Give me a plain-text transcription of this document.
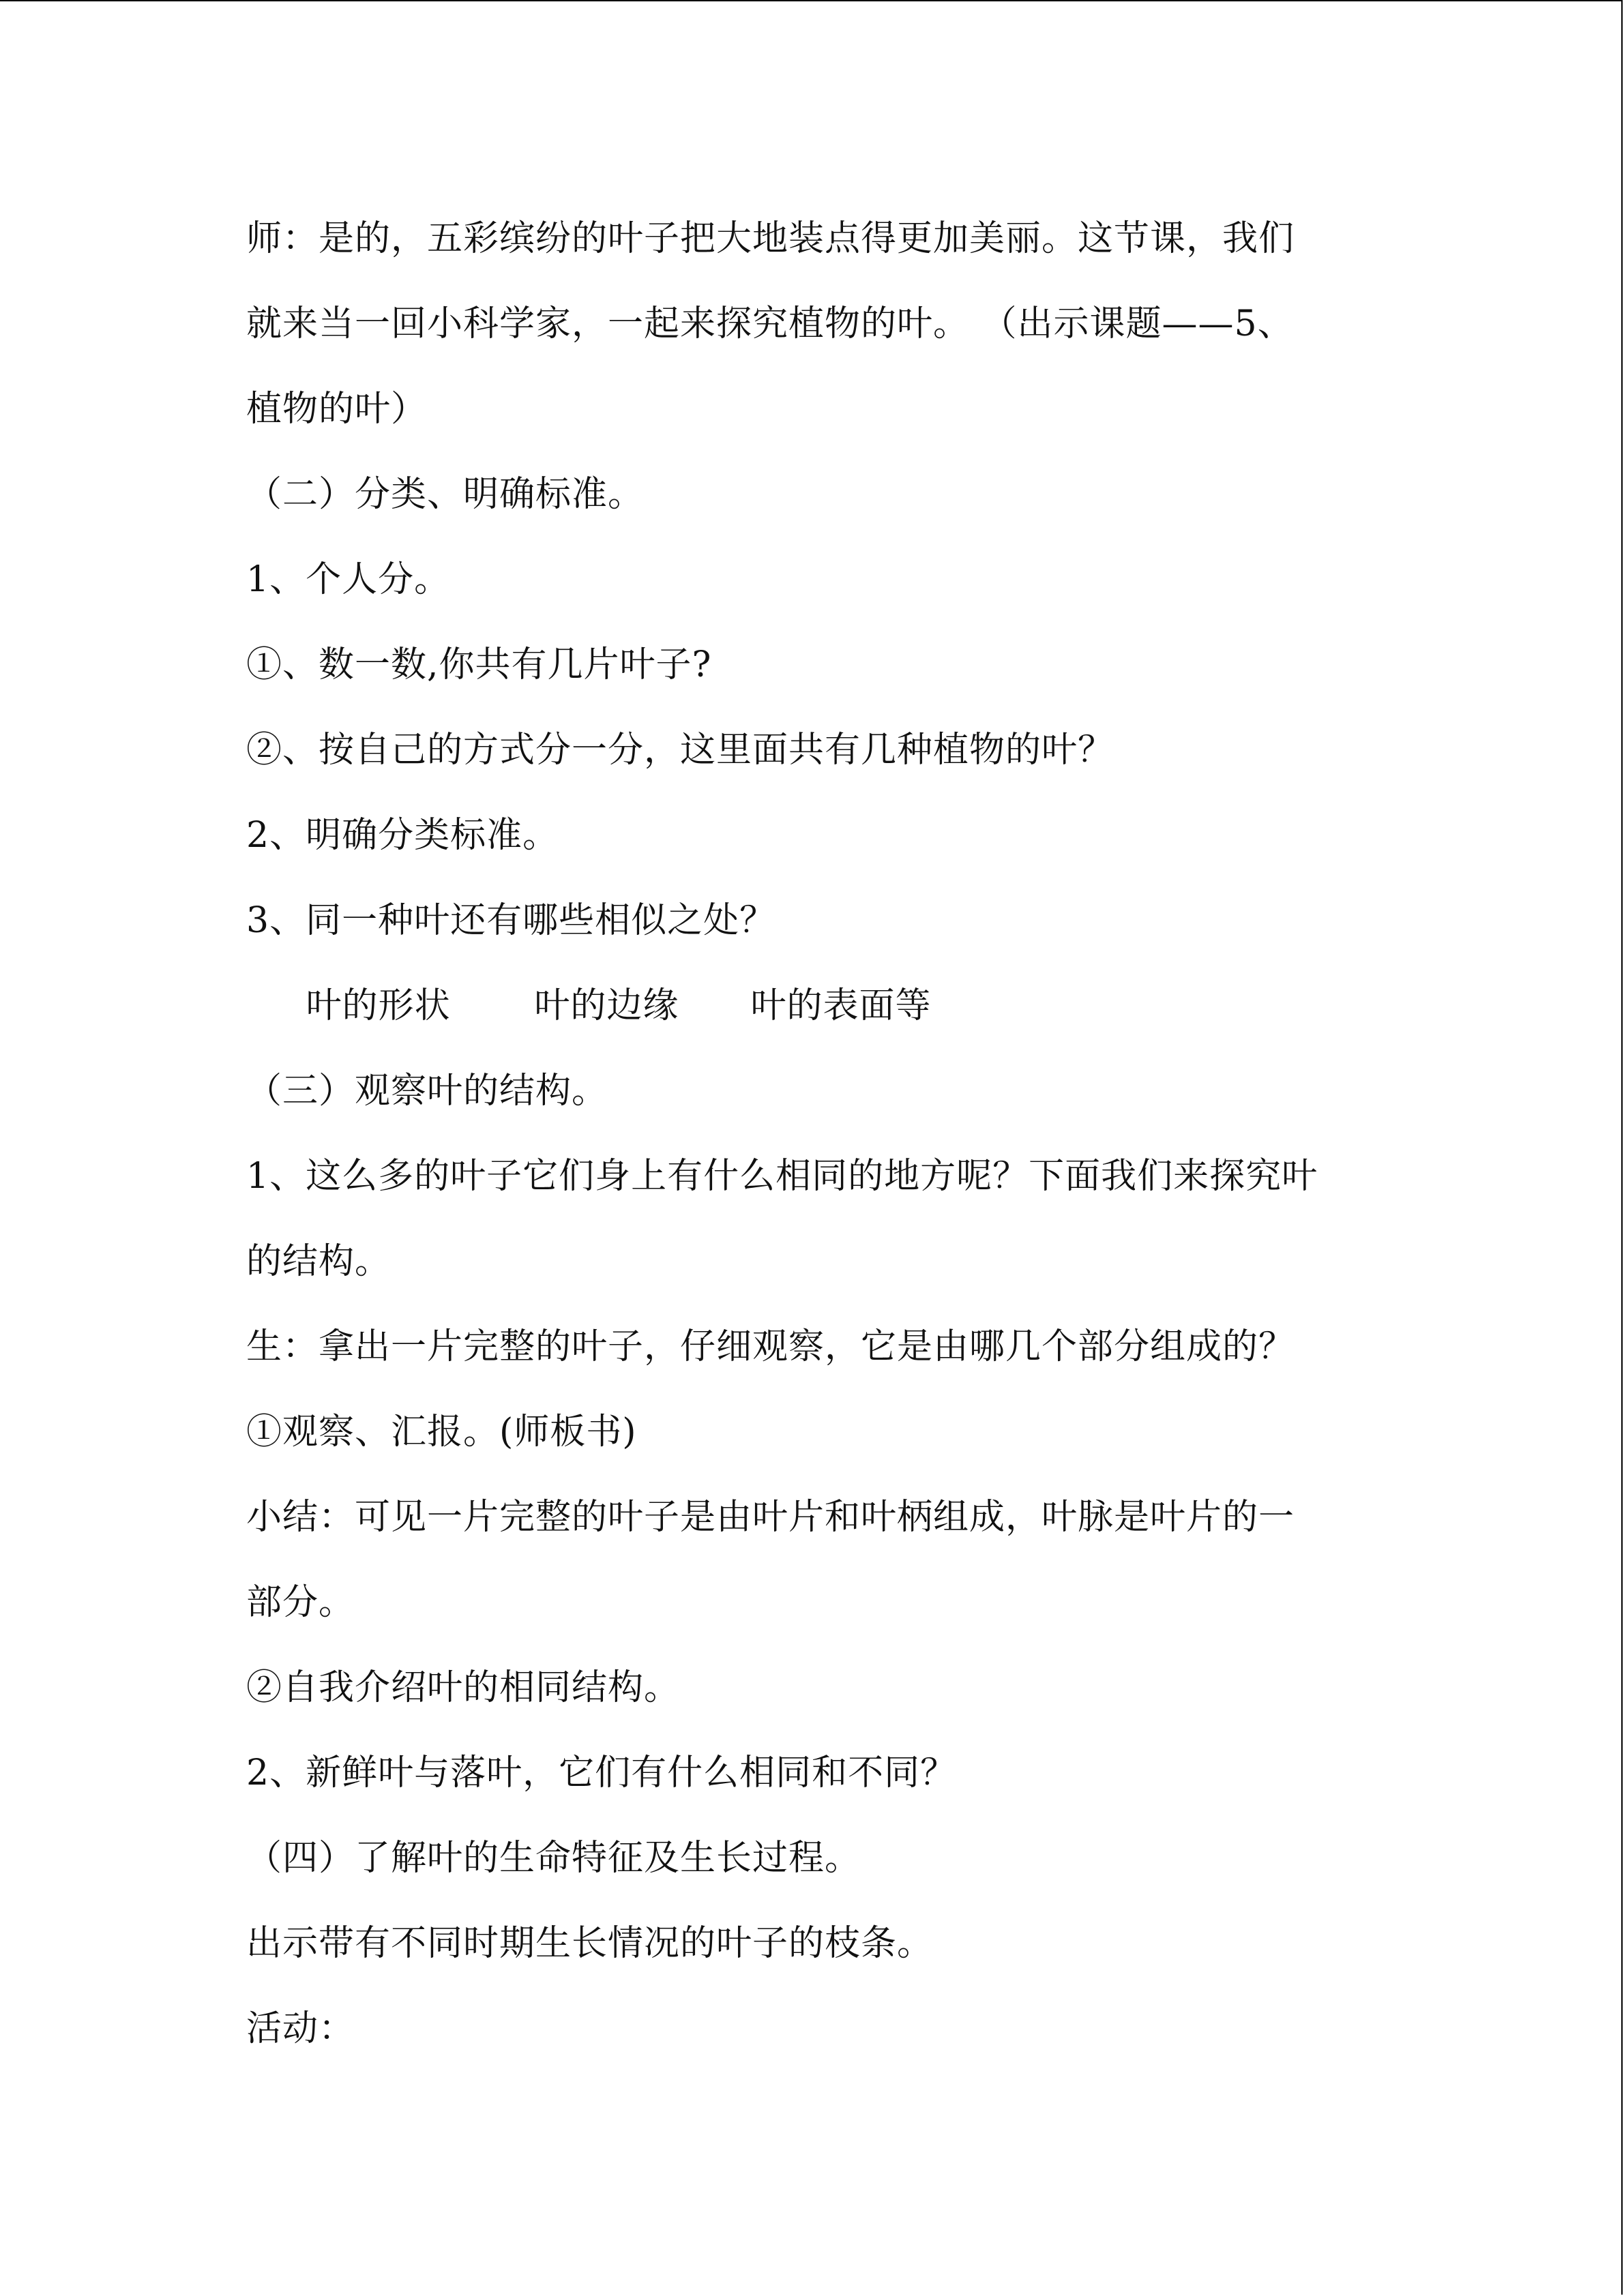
师：是的，五彩缤纷的叶子把大地装点得更加美丽。这节课，我们
就来当一回小科学家，一起来探究植物的叶。 （出示课题——5、
植物的叶）
（二）分类、明确标准。
1、个人分。
①、数一数,你共有几片叶子?
②、按自己的方式分一分，这里面共有几种植物的叶？
2、明确分类标准。
3、同一种叶还有哪些相似之处？
叶的形状       叶的边缘      叶的表面等
（三）观察叶的结构。
1、这么多的叶子它们身上有什么相同的地方呢？下面我们来探究叶
的结构。
生：拿出一片完整的叶子，仔细观察，它是由哪几个部分组成的？
①观察、汇报。(师板书)
小结：可见一片完整的叶子是由叶片和叶柄组成，叶脉是叶片的一
部分。
②自我介绍叶的相同结构。
2、新鲜叶与落叶，它们有什么相同和不同？
（四）了解叶的生命特征及生长过程。
出示带有不同时期生长情况的叶子的枝条。
活动：
